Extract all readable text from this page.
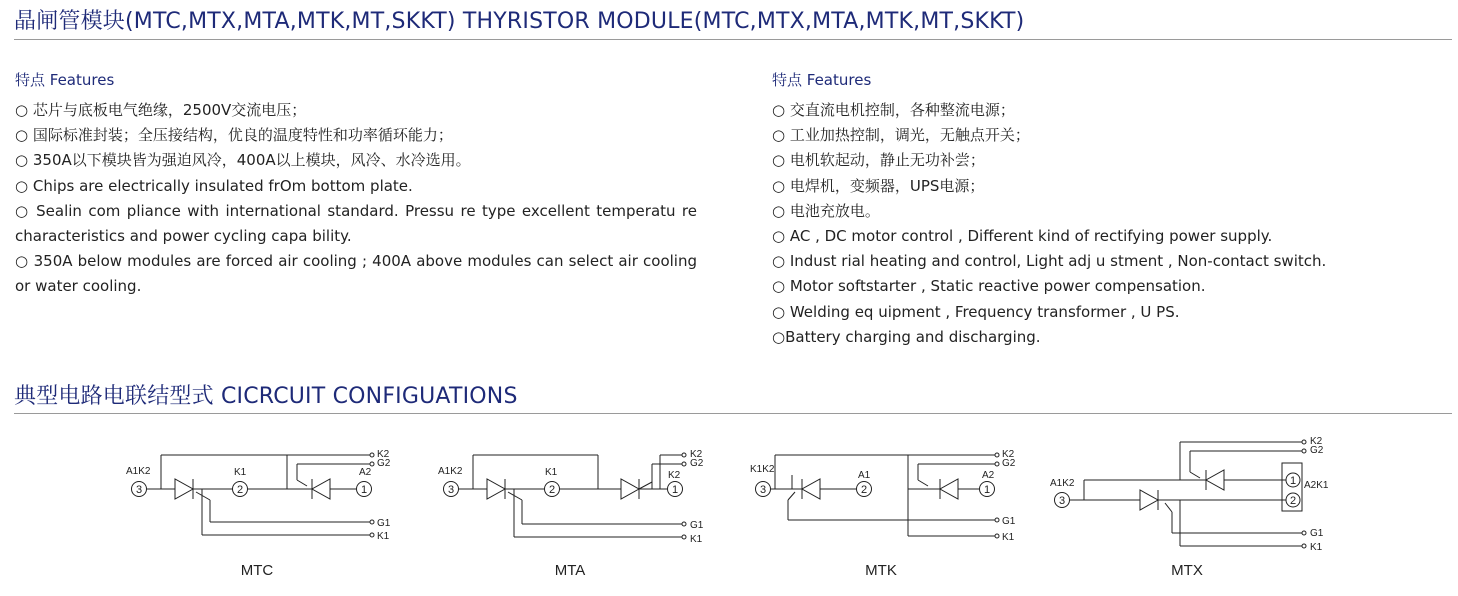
晶闸管模块(MTC,MTX,MTA,MTK,MT,SKKT) THYRISTOR MODULE(MTC,MTX,MTA,MTK,MT,SKKT)
特点 Features
○ 芯片与底板电气绝缘，2500V交流电压；
○ 国际标准封装；全压接结构，优良的温度特性和功率循环能力；
○ 350A以下模块皆为强迫风冷，400A以上模块，风冷、水冷选用。
○ Chips are electrically insulated frOm bottom plate.
○ Sealin com pliance with international standard. Pressu re type excellent temperatu re characteristics and power cycling capa bility.
○ 350A below modules are forced air cooling ; 400A above modules can select air cooling or water cooling.
特点 Features
○ 交直流电机控制，各种整流电源；
○ 工业加热控制，调光，无触点开关；
○ 电机软起动，静止无功补尝；
○ 电焊机，变频器，UPS电源；
○ 电池充放电。
○ AC , DC motor control , Different kind of rectifying power supply.
○ Indust rial heating and control, Light adj u stment , Non-contact switch.
○ Motor softstarter , Static reactive power compensation.
○ Welding eq uipment , Frequency transformer , U PS.
○Battery charging and discharging.
典型电路电联结型式 CICRCUIT CONFIGUATIONS
A1K2	K1	A2
K2
G2
G1
K1
3	2	1
MTC
A1K2	K1	K2
K2
G2
G1
K1
3	2	1
MTA
K1K2
A1	A2
K2
G2
G1
K1
3	2	1
MTK
A1K2	A2K1
K2
G2
G1
K1
3
1
2
MTX
